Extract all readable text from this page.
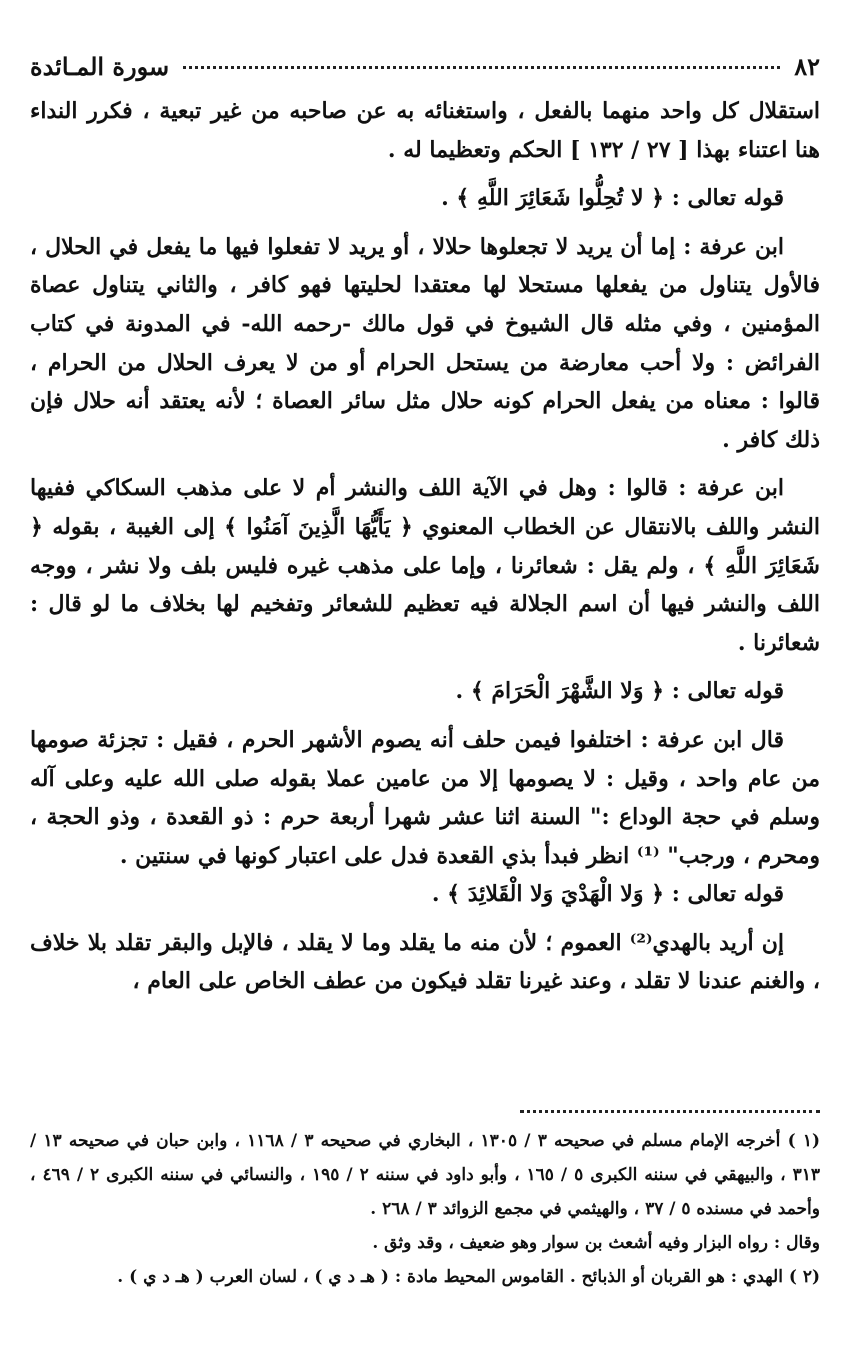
٨٢
سورة المـائدة

استقلال كل واحد منهما بالفعل ، واستغنائه به عن صاحبه من غير تبعية ، فكرر النداء هنا اعتناء بهذا [ ٢٧ / ١٣٢ ] الحكم وتعظيما له .

قوله تعالى : ﴿ لا تُحِلُّوا شَعَائِرَ اللَّهِ ﴾ .

ابن عرفة : إما أن يريد لا تجعلوها حلالا ، أو يريد لا تفعلوا فيها ما يفعل في الحلال ، فالأول يتناول من يفعلها مستحلا لها معتقدا لحليتها فهو كافر ، والثاني يتناول عصاة المؤمنين ، وفي مثله قال الشيوخ في قول مالك -رحمه الله- في المدونة في كتاب الفرائض : ولا أحب معارضة من يستحل الحرام أو من لا يعرف الحلال من الحرام ، قالوا : معناه من يفعل الحرام كونه حلال مثل سائر العصاة ؛ لأنه يعتقد أنه حلال فإن ذلك كافر .

ابن عرفة : قالوا : وهل في الآية اللف والنشر أم لا على مذهب السكاكي ففيها النشر واللف بالانتقال عن الخطاب المعنوي ﴿ يَأَيُّهَا الَّذِينَ آمَنُوا ﴾ إلى الغيبة ، بقوله ﴿ شَعَائِرَ اللَّهِ ﴾ ، ولم يقل : شعائرنا ، وإما على مذهب غيره فليس بلف ولا نشر ، ووجه اللف والنشر فيها أن اسم الجلالة فيه تعظيم للشعائر وتفخيم لها بخلاف ما لو قال : شعائرنا .

قوله تعالى : ﴿ وَلا الشَّهْرَ الْحَرَامَ ﴾ .

قال ابن عرفة : اختلفوا فيمن حلف أنه يصوم الأشهر الحرم ، فقيل : تجزئة صومها من عام واحد ، وقيل : لا يصومها إلا من عامين عملا بقوله صلى الله عليه وعلى آله وسلم في حجة الوداع :" السنة اثنا عشر شهرا أربعة حرم : ذو القعدة ، وذو الحجة ، ومحرم ، ورجب" ⁽¹⁾ انظر فبدأ بذي القعدة فدل على اعتبار كونها في سنتين .

قوله تعالى : ﴿ وَلا الْهَدْيَ وَلا الْقَلائِدَ ﴾ .

إن أريد بالهدي⁽²⁾ العموم ؛ لأن منه ما يقلد وما لا يقلد ، فالإبل والبقر تقلد بلا خلاف ، والغنم عندنا لا تقلد ، وعند غيرنا تقلد فيكون من عطف الخاص على العام ،

(١ ) أخرجه الإمام مسلم في صحيحه ٣ / ١٣٠٥ ، البخاري في صحيحه ٣ / ١١٦٨ ، وابن حبان في صحيحه ١٣ / ٣١٣ ، والبيهقي في سننه الكبرى ٥ / ١٦٥ ، وأبو داود في سننه ٢ / ١٩٥ ، والنسائي في سننه الكبرى ٢ / ٤٦٩ ، وأحمد في مسنده ٥ / ٣٧ ، والهيثمي في مجمع الزوائد ٣ / ٢٦٨ .

وقال : رواه البزار وفيه أشعث بن سوار وهو ضعيف ، وقد وثق .

(٢ ) الهدي : هو القربان أو الذبائح . القاموس المحيط مادة : ( هـ د ي ) ، لسان العرب ( هـ د ي ) .
